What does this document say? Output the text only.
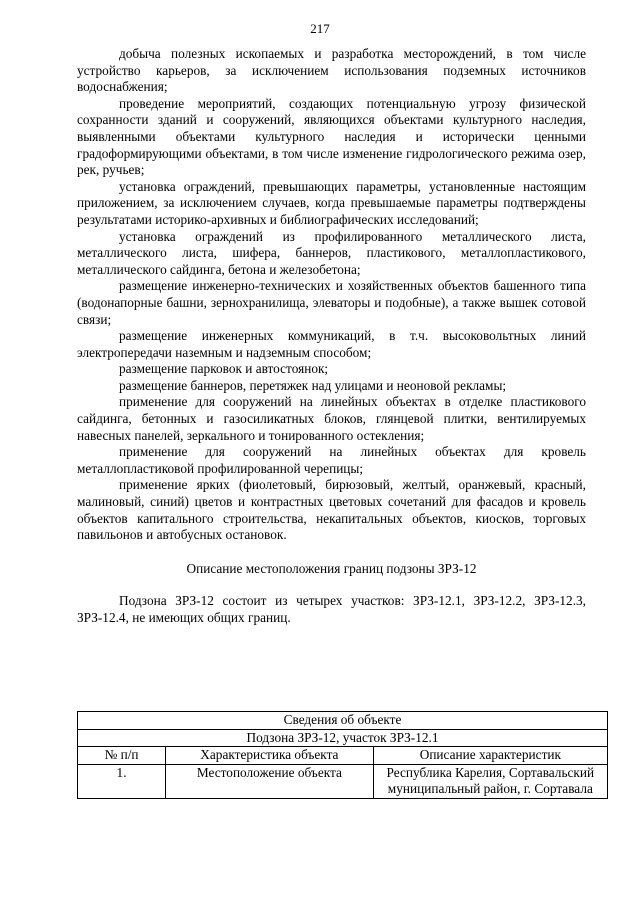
217

добыча полезных ископаемых и разработка месторождений, в том числе устройство карьеров, за исключением использования подземных источников водоснабжения;

проведение мероприятий, создающих потенциальную угрозу физической сохранности зданий и сооружений, являющихся объектами культурного наследия, выявленными объектами культурного наследия и исторически ценными градоформирующими объектами, в том числе изменение гидрологического режима озер, рек, ручьев;

установка ограждений, превышающих параметры, установленные настоящим приложением, за исключением случаев, когда превышаемые параметры подтверждены результатами историко-архивных и библиографических исследований;

установка ограждений из профилированного металлического листа, металлического листа, шифера, баннеров, пластикового, металлопластикового, металлического сайдинга, бетона и железобетона;

размещение инженерно-технических и хозяйственных объектов башенного типа (водонапорные башни, зернохранилища, элеваторы и подобные), а также вышек сотовой связи;

размещение инженерных коммуникаций, в т.ч. высоковольтных линий электропередачи наземным и надземным способом;

размещение парковок и автостоянок;

размещение баннеров, перетяжек над улицами и неоновой рекламы;

применение для сооружений на линейных объектах в отделке пластикового сайдинга, бетонных и газосиликатных блоков, глянцевой плитки, вентилируемых навесных панелей, зеркального и тонированного остекления;

применение для сооружений на линейных объектах для кровель металлопластиковой профилированной черепицы;

применение ярких (фиолетовый, бирюзовый, желтый, оранжевый, красный, малиновый, синий) цветов и контрастных цветовых сочетаний для фасадов и кровель объектов капитального строительства, некапитальных объектов, киосков, торговых павильонов и автобусных остановок.

Описание местоположения границ подзоны ЗРЗ-12

Подзона ЗРЗ-12 состоит из четырех участков: ЗРЗ-12.1, ЗРЗ-12.2, ЗРЗ-12.3, ЗРЗ-12.4, не имеющих общих границ.

Сведения об объекте		
Подзона ЗРЗ-12, участок ЗРЗ-12.1		
№ п/п	Характеристика объекта	Описание характеристик
1.	Местоположение объекта	Республика Карелия, Сортавальский муниципальный район, г. Сортавала
